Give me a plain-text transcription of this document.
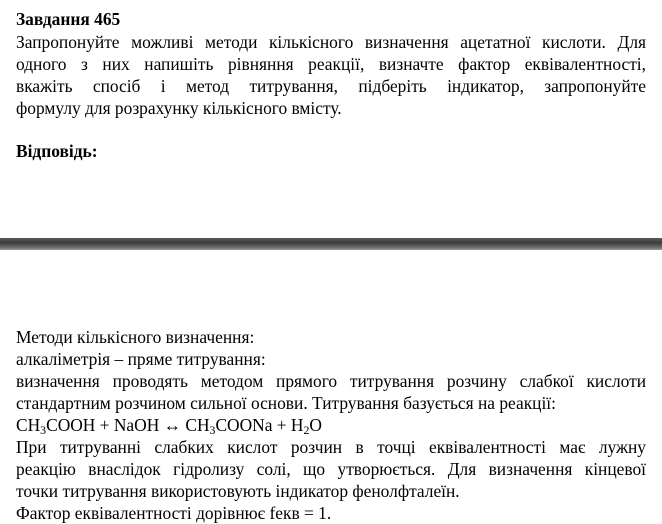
Завдання 465
Запропонуйте можливі методи кількісного визначення ацетатної кислоти. Для
одного з них напишіть рівняння реакції, визначте фактор еквівалентності,
вкажіть спосіб і метод титрування, підберіть індикатор, запропонуйте
формулу для розрахунку кількісного вмісту.
Відповідь:
Методи кількісного визначення:
алкаліметрія – пряме титрування:
визначення проводять методом прямого титрування розчину слабкої кислоти
стандартним розчином сильної основи. Титрування базується на реакції:
$CH_3COOH$ + NaOH ↔ $CH_3COONa + H_2O$
При титруванні слабких кислот розчин в точці еквівалентності має лужну
реакцію внаслідок гідролизу солі, що утворюється. Для визначення кінцевої
точки титрування використовують індикатор фенолфталеїн.
Фактор еквівалентності дорівнює fекв = 1.
